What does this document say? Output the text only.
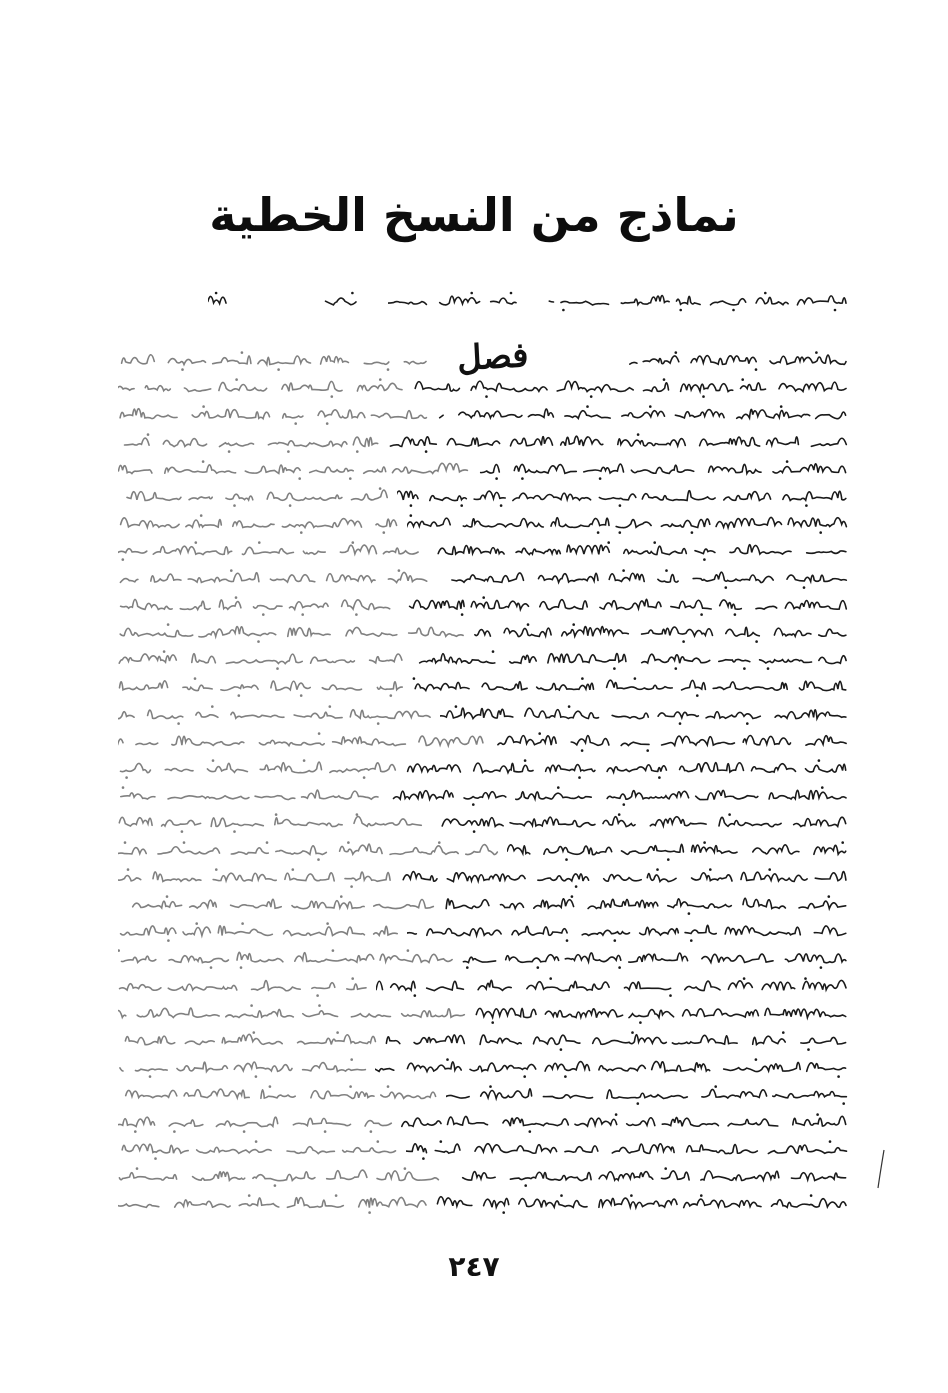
نماذج من النسخ الخطية
فصل
٢٤٧
